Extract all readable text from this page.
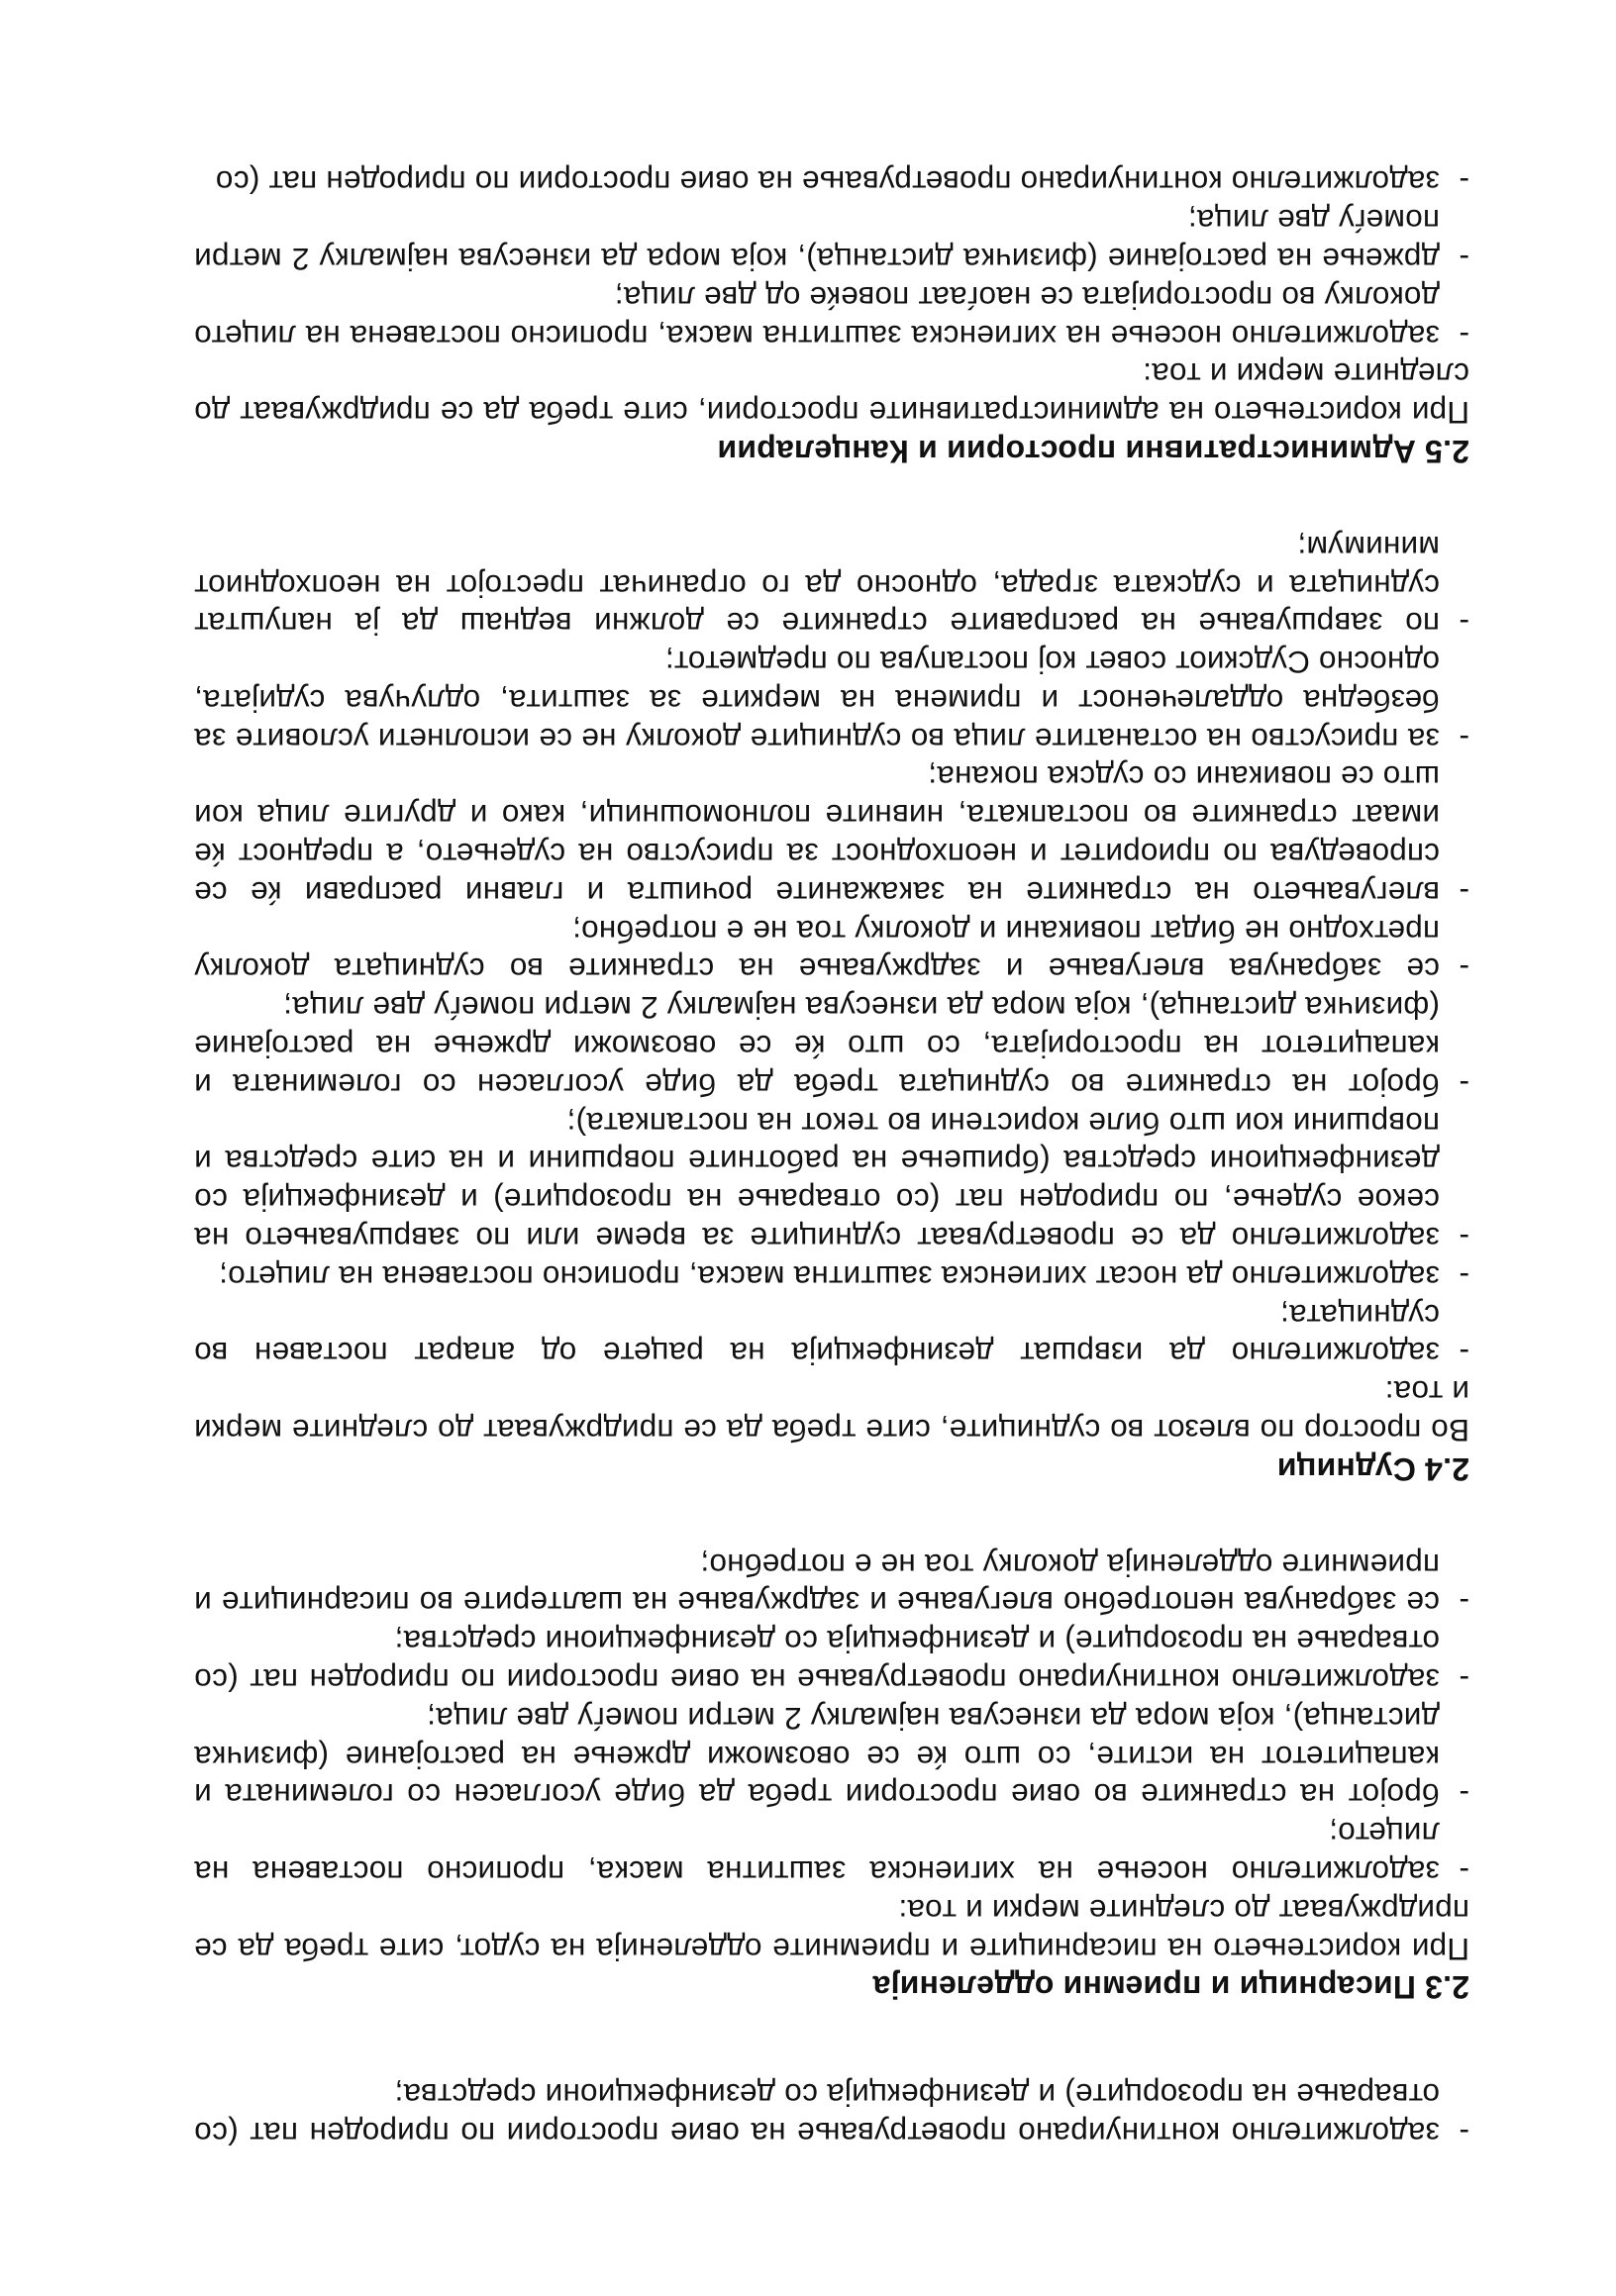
-
задолжително континуирано проветрување на овие простории по природен пат (со отварање на прозорците) и дезинфекција со дезинфекциони средства;
2.3 Писарници и приемни одделенија

При користењето на писарниците и приемните одделенија на судот, сите треба да се придржуваат до следните мерки и тоа:

-
задолжително носење на хигиенска заштитна маска, прописно поставена на лицето;
-
бројот на странките во овие простории треба да биде усогласен со големината и капацитетот на истите, со што ќе се овозможи држење на растојание (физичка дистанца), која мора да изнесува најмалку 2 метри помеѓу две лица;
-
задолжително континуирано проветрување на овие простории по природен пат (со отварање на прозорците) и дезинфекција со дезинфекциони средства;
-
се забранува непотребно влегување и задржување на шалтерите во писарниците и приемните одделенија доколку тоа не е потребно;
2.4 Судници

Во простор по влезот во судниците, сите треба да се придржуваат до следните мерки и тоа:

-
задолжително да извршат дезинфекција на рацете од апарат поставен во судницата;
-
задолжително да носат хигиенска заштитна маска, прописно поставена на лицето;
-
задолжително да се проветруваат судниците за време или по завршувањето на секое судење, по природен пат (со отварање на прозорците) и дезинфекција со дезинфекциони средства (бришење на работните површини и на сите средства и површини кои што биле користени во текот на постапката);
-
бројот на странките во судницата треба да биде усогласен со големината и капацитетот на просторијата, со што ќе се овозможи држење на растојание (физичка дистанца), која мора да изнесува најмалку 2 метри помеѓу две лица;
-
се забранува влегување и задржување на странките во судницата доколку претходно не бидат повикани и доколку тоа не е потребно;
-
влегувањето на странките на закажаните рочишта и главни расправи ќе се спроведува по приоритет и неопходност за присуство на судењето, а предност ќе имаат странките во постапката, нивните полномошници, како и другите лица кои што се повикани со судска покана;
-
за присуство на останатите лица во судниците доколку не се исполнети условите за безбедна оддалеченост и примена на мерките за заштита, одлучува судијата, односно Судскиот совет кој постапува по предметот;
-
по завршување на расправите странките се должни веднаш да ја напуштат судницата и судската зграда, односно да го ограничат престојот на неопходниот минимум;
2.5 Административни простории и Канцеларии

При користењето на административните простории, сите треба да се придржуваат до следните мерки и тоа:

-
задолжително носење на хигиенска заштитна маска, прописно поставена на лицето доколку во просторијата се наоѓаат повеќе од две лица;
-
држење на растојание (физичка дистанца), која мора да изнесува најмалку 2 метри помеѓу две лица;
-
задолжително континуирано проветрување на овие простории по природен пат (со
